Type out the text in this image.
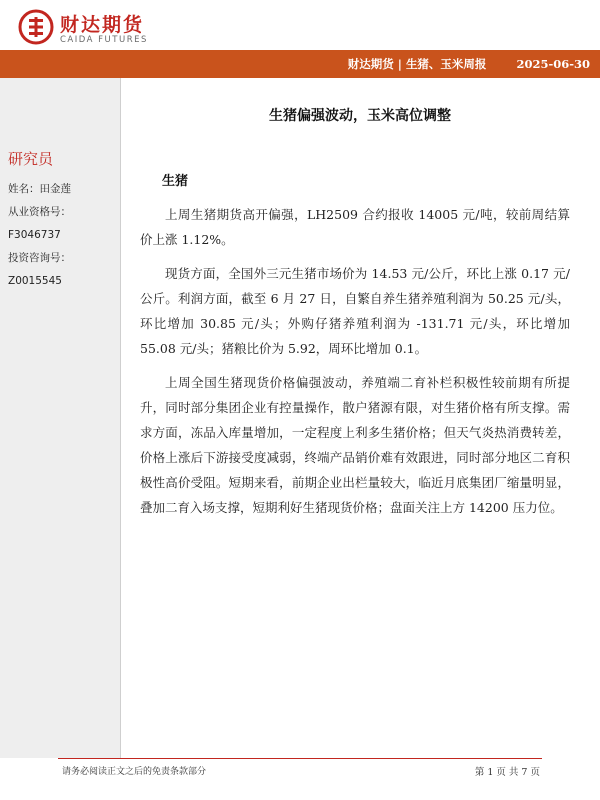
财达期货
CAIDA FUTURES
财达期货 | 生猪、玉米周报	2025-06-30
生猪偏强波动，玉米高位调整
研究员
姓名：田金莲
从业资格号：
F3046737
投资咨询号：
Z0015545
生猪

上周生猪期货高开偏强，LH2509 合约报收 14005 元/吨，较前周结算价上涨 1.12%。

现货方面，全国外三元生猪市场价为 14.53 元/公斤，环比上涨 0.17 元/公斤。利润方面，截至 6 月 27 日，自繁自养生猪养殖利润为 50.25 元/头，环比增加 30.85 元/头；外购仔猪养殖利润为 -131.71 元/头，环比增加 55.08 元/头；猪粮比价为 5.92，周环比增加 0.1。

上周全国生猪现货价格偏强波动，养殖端二育补栏积极性较前期有所提升，同时部分集团企业有控量操作，散户猪源有限，对生猪价格有所支撑。需求方面，冻品入库量增加，一定程度上利多生猪价格；但天气炎热消费转差，价格上涨后下游接受度减弱，终端产品销价难有效跟进，同时部分地区二育积极性高价受阻。短期来看，前期企业出栏量较大，临近月底集团厂缩量明显，叠加二育入场支撑，短期利好生猪现货价格；盘面关注上方 14200 压力位。

请务必阅读正文之后的免责条款部分	第 1 页 共 7 页
